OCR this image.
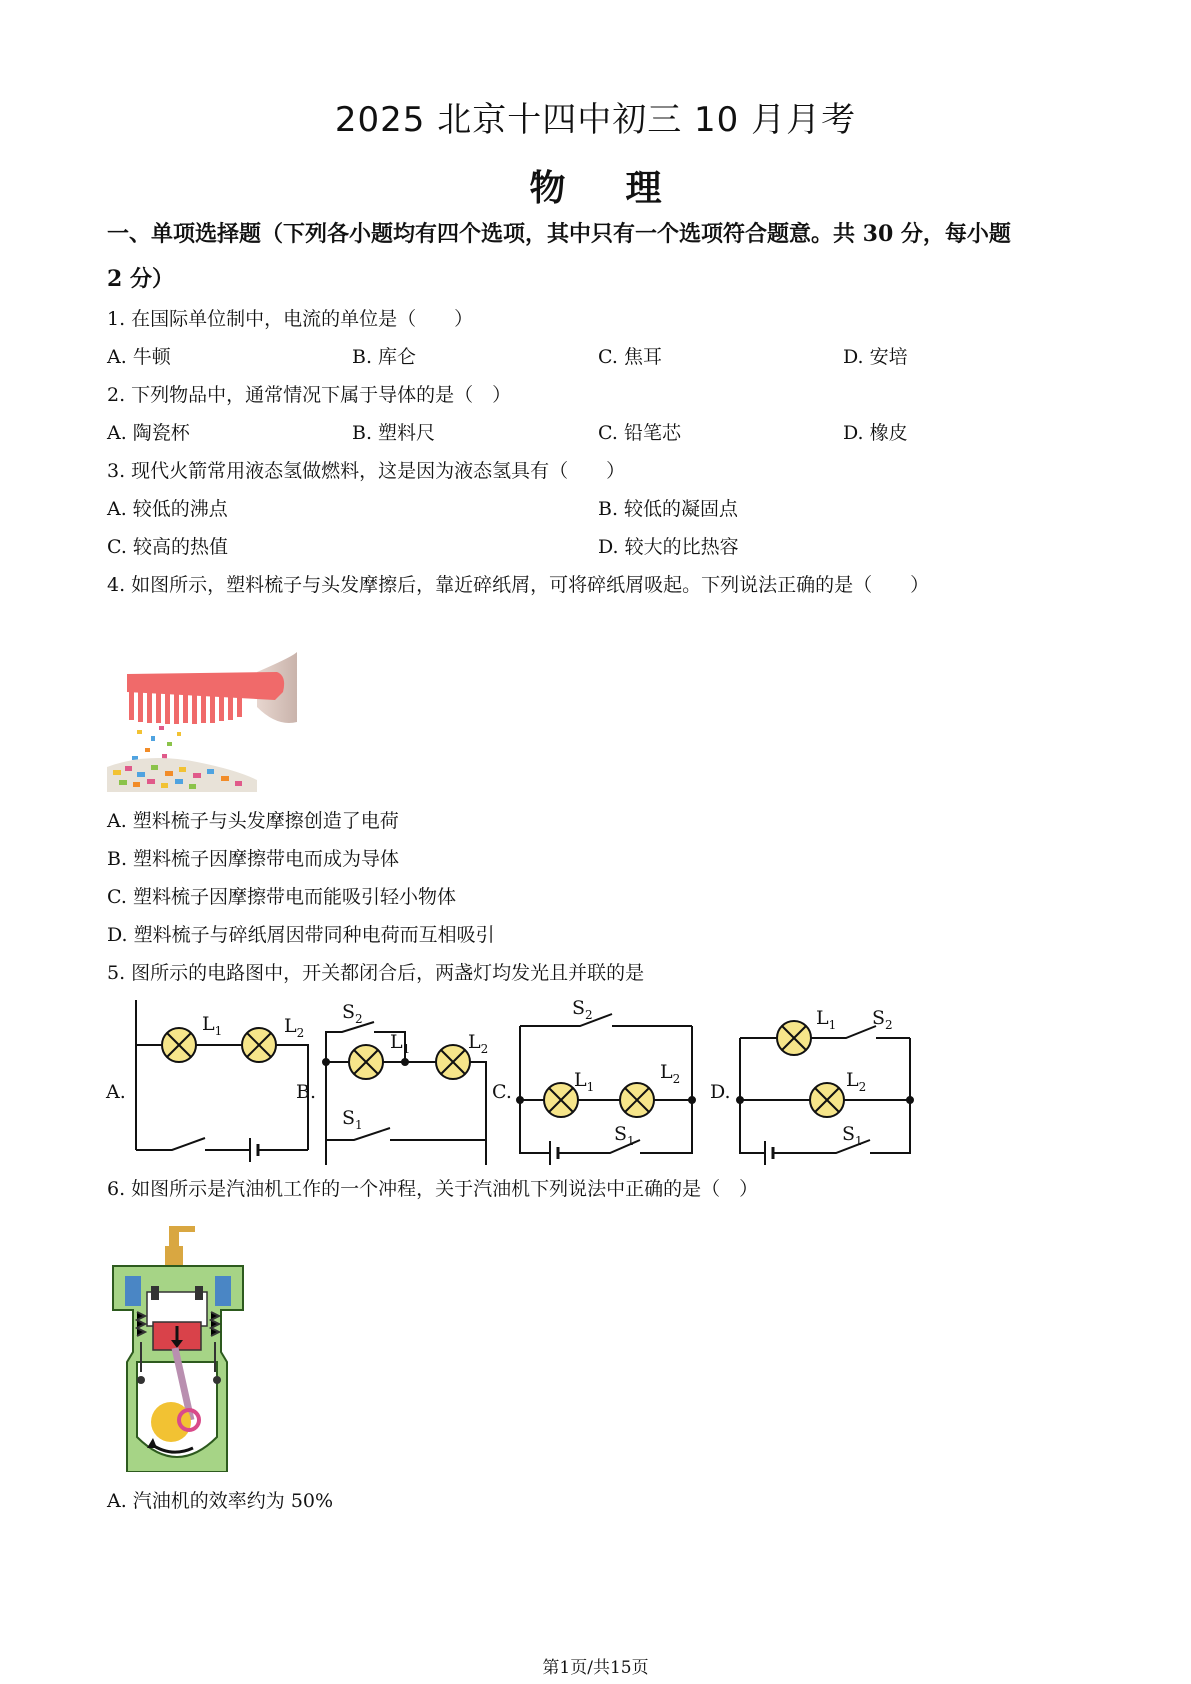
2025 北京十四中初三 10 月月考
物理
一、单项选择题（下列各小题均有四个选项，其中只有一个选项符合题意。共 30 分，每小题
2 分）
1. 在国际单位制中，电流的单位是（　　）
A. 牛顿	B. 库仑	C. 焦耳	D. 安培
2. 下列物品中，通常情况下属于导体的是（　）
A. 陶瓷杯	B. 塑料尺	C. 铅笔芯	D. 橡皮
3. 现代火箭常用液态氢做燃料，这是因为液态氢具有（　　）
A. 较低的沸点	B. 较低的凝固点
C. 较高的热值	D. 较大的比热容
4. 如图所示，塑料梳子与头发摩擦后，靠近碎纸屑，可将碎纸屑吸起。下列说法正确的是（　　）
A. 塑料梳子与头发摩擦创造了电荷
B. 塑料梳子因摩擦带电而成为导体
C. 塑料梳子因摩擦带电而能吸引轻小物体
D. 塑料梳子与碎纸屑因带同种电荷而互相吸引
5. 图所示的电路图中，开关都闭合后，两盏灯均发光且并联的是
A.
$L_1$	$L_2$
B.
$S_2$
$L_1$	$L_2$
$S_1$
C.
$S_2$
$L_1$
$L_2$
$S_1$
D.
$L_1$ $S_2$
$L_2$
$S_1$
6. 如图所示是汽油机工作的一个冲程，关于汽油机下列说法中正确的是（　）
A. 汽油机的效率约为 50%
第1页/共15页
